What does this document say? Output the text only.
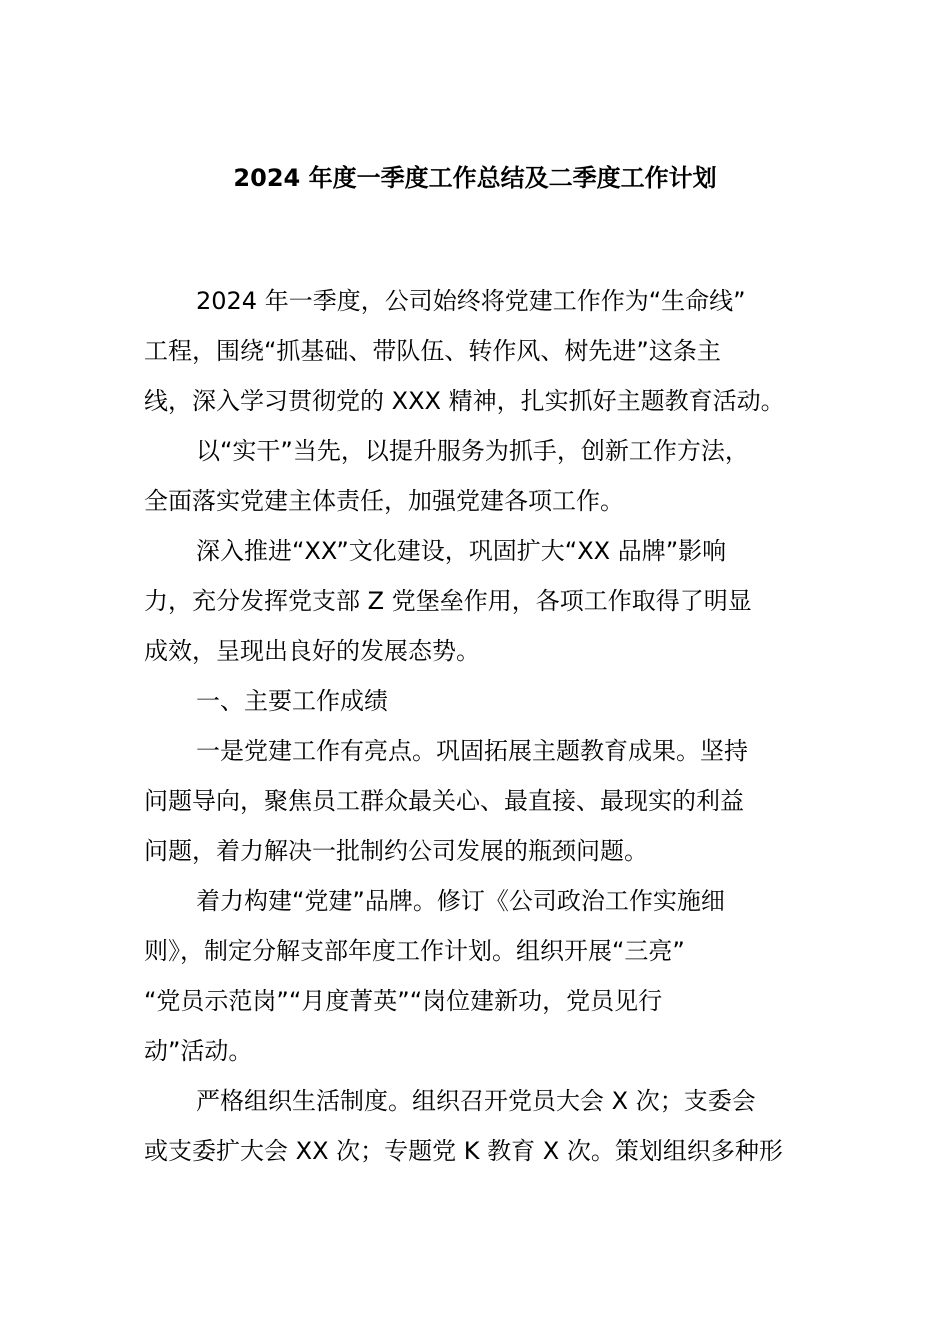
2024 年度一季度工作总结及二季度工作计划
2024 年一季度，公司始终将党建工作作为“生命线”
工程，围绕“抓基础、带队伍、转作风、树先进”这条主
线，深入学习贯彻党的 XXX 精神，扎实抓好主题教育活动。
以“实干”当先，以提升服务为抓手，创新工作方法，
全面落实党建主体责任，加强党建各项工作。
深入推进“XX”文化建设，巩固扩大“XX 品牌”影响
力，充分发挥党支部 Z 党堡垒作用，各项工作取得了明显
成效，呈现出良好的发展态势。
一、主要工作成绩
一是党建工作有亮点。巩固拓展主题教育成果。坚持
问题导向，聚焦员工群众最关心、最直接、最现实的利益
问题，着力解决一批制约公司发展的瓶颈问题。
着力构建“党建”品牌。修订《公司政治工作实施细
则》，制定分解支部年度工作计划。组织开展“三亮”
“党员示范岗”“月度菁英”“岗位建新功，党员见行
动”活动。
严格组织生活制度。组织召开党员大会 X 次；支委会
或支委扩大会 XX 次；专题党 K 教育 X 次。策划组织多种形
